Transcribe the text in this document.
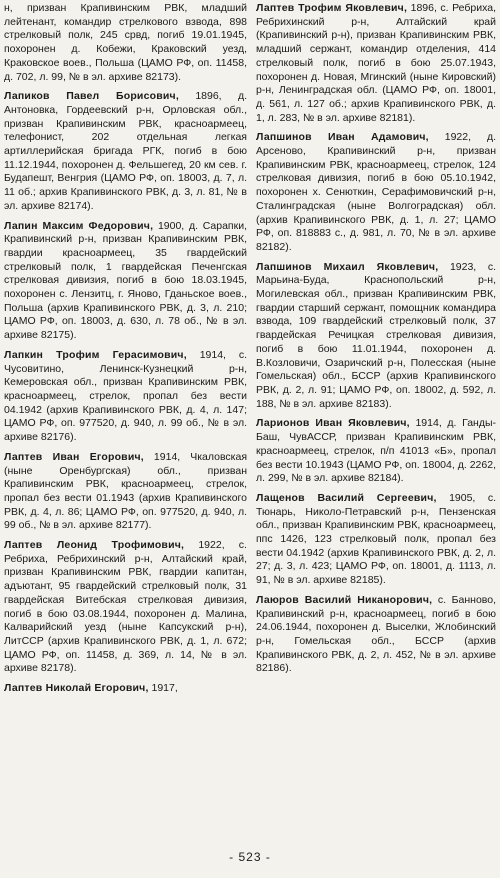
н, призван Крапивинским РВК, младший лейтенант, командир стрелкового взвода, 898 стрелковый полк, 245 срвд, погиб 19.01.1945, похоронен д. Кобежи, Краковский уезд, Краковское воев., Польша (ЦАМО РФ, оп. 11458, д. 702, л. 99, № в эл. архиве 82173).

Лапиков Павел Борисович, 1896, д. Антоновка, Гордеевский р-н, Орловская обл., призван Крапивинским РВК, красноармеец, телефонист, 202 отдельная легкая артиллерийская бригада РГК, погиб в бою 11.12.1944, похоронен д. Фельшегед, 20 км сев. г. Будапешт, Венгрия (ЦАМО РФ, оп. 18003, д. 7, л. 11 об.; архив Крапивинского РВК, д. 3, л. 81, № в эл. архиве 82174).

Лапин Максим Федорович, 1900, д. Сарапки, Крапивинский р-н, призван Крапивинским РВК, гвардии красноармеец, 35 гвардейский стрелковый полк, 1 гвардейская Печенгская стрелковая дивизия, погиб в бою 18.03.1945, похоронен с. Лензитц, г. Яново, Гданьское воев., Польша (архив Крапивинского РВК, д. 3, л. 210; ЦАМО РФ, оп. 18003, д. 630, л. 78 об., № в эл. архиве 82175).

Лапкин Трофим Герасимович, 1914, с. Чусовитино, Ленинск-Кузнецкий р-н, Кемеровская обл., призван Крапивинским РВК, красноармеец, стрелок, пропал без вести 04.1942 (архив Крапивинского РВК, д. 4, л. 147; ЦАМО РФ, оп. 977520, д. 940, л. 99 об., № в эл. архиве 82176).

Лаптев Иван Егорович, 1914, Чкаловская (ныне Оренбургская) обл., призван Крапивинским РВК, красноармеец, стрелок, пропал без вести 01.1943 (архив Крапивинского РВК, д. 4, л. 86; ЦАМО РФ, оп. 977520, д. 940, л. 99 об., № в эл. архиве 82177).

Лаптев Леонид Трофимович, 1922, с. Ребриха, Ребрихинский р-н, Алтайский край, призван Крапивинским РВК, гвардии капитан, адъютант, 95 гвардейский стрелковый полк, 31 гвардейская Витебская стрелковая дивизия, погиб в бою 03.08.1944, похоронен д. Малина, Калварийский уезд (ныне Капсукский р-н), ЛитССР (архив Крапивинского РВК, д. 1, л. 672; ЦАМО РФ, оп. 11458, д. 369, л. 14, № в эл. архиве 82178).

Лаптев Николай Егорович, 1917,

Лаптев Трофим Яковлевич, 1896, с. Ребриха, Ребрихинский р-н, Алтайский край (Крапивинский р-н), призван Крапивинским РВК, младший сержант, командир отделения, 414 стрелковый полк, погиб в бою 25.07.1943, похоронен д. Новая, Мгинский (ныне Кировский) р-н, Ленинградская обл. (ЦАМО РФ, оп. 18001, д. 561, л. 127 об.; архив Крапивинского РВК, д. 1, л. 283, № в эл. архиве 82181).

Лапшинов Иван Адамович, 1922, д. Арсеново, Крапивинский р-н, призван Крапивинским РВК, красноармеец, стрелок, 124 стрелковая дивизия, погиб в бою 05.10.1942, похоронен х. Сенюткин, Серафимовичский р-н, Сталинградская (ныне Волгоградская) обл. (архив Крапивинского РВК, д. 1, л. 27; ЦАМО РФ, оп. 818883 с., д. 981, л. 70, № в эл. архиве 82182).

Лапшинов Михаил Яковлевич, 1923, с. Марьина-Буда, Краснопольский р-н, Могилевская обл., призван Крапивинским РВК, гвардии старший сержант, помощник командира взвода, 109 гвардейский стрелковый полк, 37 гвардейская Речицкая стрелковая дивизия, погиб в бою 11.01.1944, похоронен д. В.Козловичи, Озаричский р-н, Полесская (ныне Гомельская) обл., БССР (архив Крапивинского РВК, д. 2, л. 91; ЦАМО РФ, оп. 18002, д. 592, л. 188, № в эл. архиве 82183).

Ларионов Иван Яковлевич, 1914, д. Ганды-Баш, ЧувАССР, призван Крапивинским РВК, красноармеец, стрелок, п/п 41013 «Б», пропал без вести 10.1943 (ЦАМО РФ, оп. 18004, д. 2262, л. 299, № в эл. архиве 82184).

Лащенов Василий Сергеевич, 1905, с. Тюнарь, Николо-Петравский р-н, Пензенская обл., призван Крапивинским РВК, красноармеец, ппс 1426, 123 стрелковый полк, пропал без вести 04.1942 (архив Крапивинского РВК, д. 2, л. 27; д. 3, л. 423; ЦАМО РФ, оп. 18001, д. 1113, л. 91, № в эл. архиве 82185).

Лаюров Василий Никанорович, с. Банново, Крапивинский р-н, красноармеец, погиб в бою 24.06.1944, похоронен д. Выселки, Жлобинский р-н, Гомельская обл., БССР (архив Крапивинского РВК, д. 2, л. 452, № в эл. архиве 82186).

- 523 -
